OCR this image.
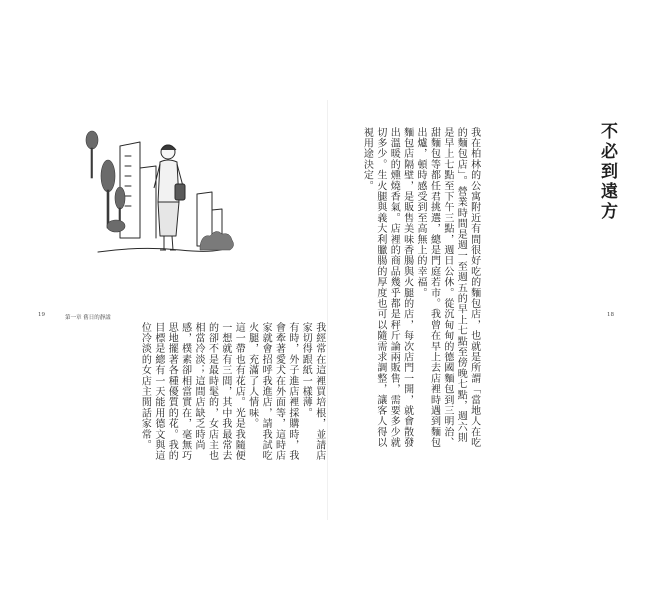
不必到遠方
我在柏林的公寓附近有間很好吃的麵包店，也就是所謂「當地人在吃
的麵包店」。營業時間是週一至週五的早上七點至傍晚七點，週六則
是早上七點至下午三點，週日公休。從沉甸甸的德國麵包到三明治、
甜麵包等都任君挑選，總是門庭若市。我曾在早上去店裡時遇到麵包
出爐，頓時感受到至高無上的幸福。
麵包店隔壁，是販售美味香腸與火腿的店，每次店門一開，就會散發
出溫暖的燻燒香氣。店裡的商品幾乎都是秤斤論兩販售，需要多少就
切多少。生火腿與義大利臘腸的厚度也可以隨需求調整，讓客人得以
視用途決定。
我經常在這裡買培根，並請店
家切得跟紙一樣薄。
有時，外子進店裡採購時，我
會牽著愛犬在外面等，這時店
家就會招呼我進店，請我試吃
火腿，充滿了人情味。
這一帶也有花店。光是我隨便
一想就有三間，其中我最常去
的卻不是最時髦的，女店主也
相當冷淡；這間店缺乏時尚
感，樸素卻相當實在，毫無巧
思地擺著各種優質的花。我的
目標是總有一天能用德文與這
位冷淡的女店主閒話家常。
19	第一章 舊日的靜謐	18
